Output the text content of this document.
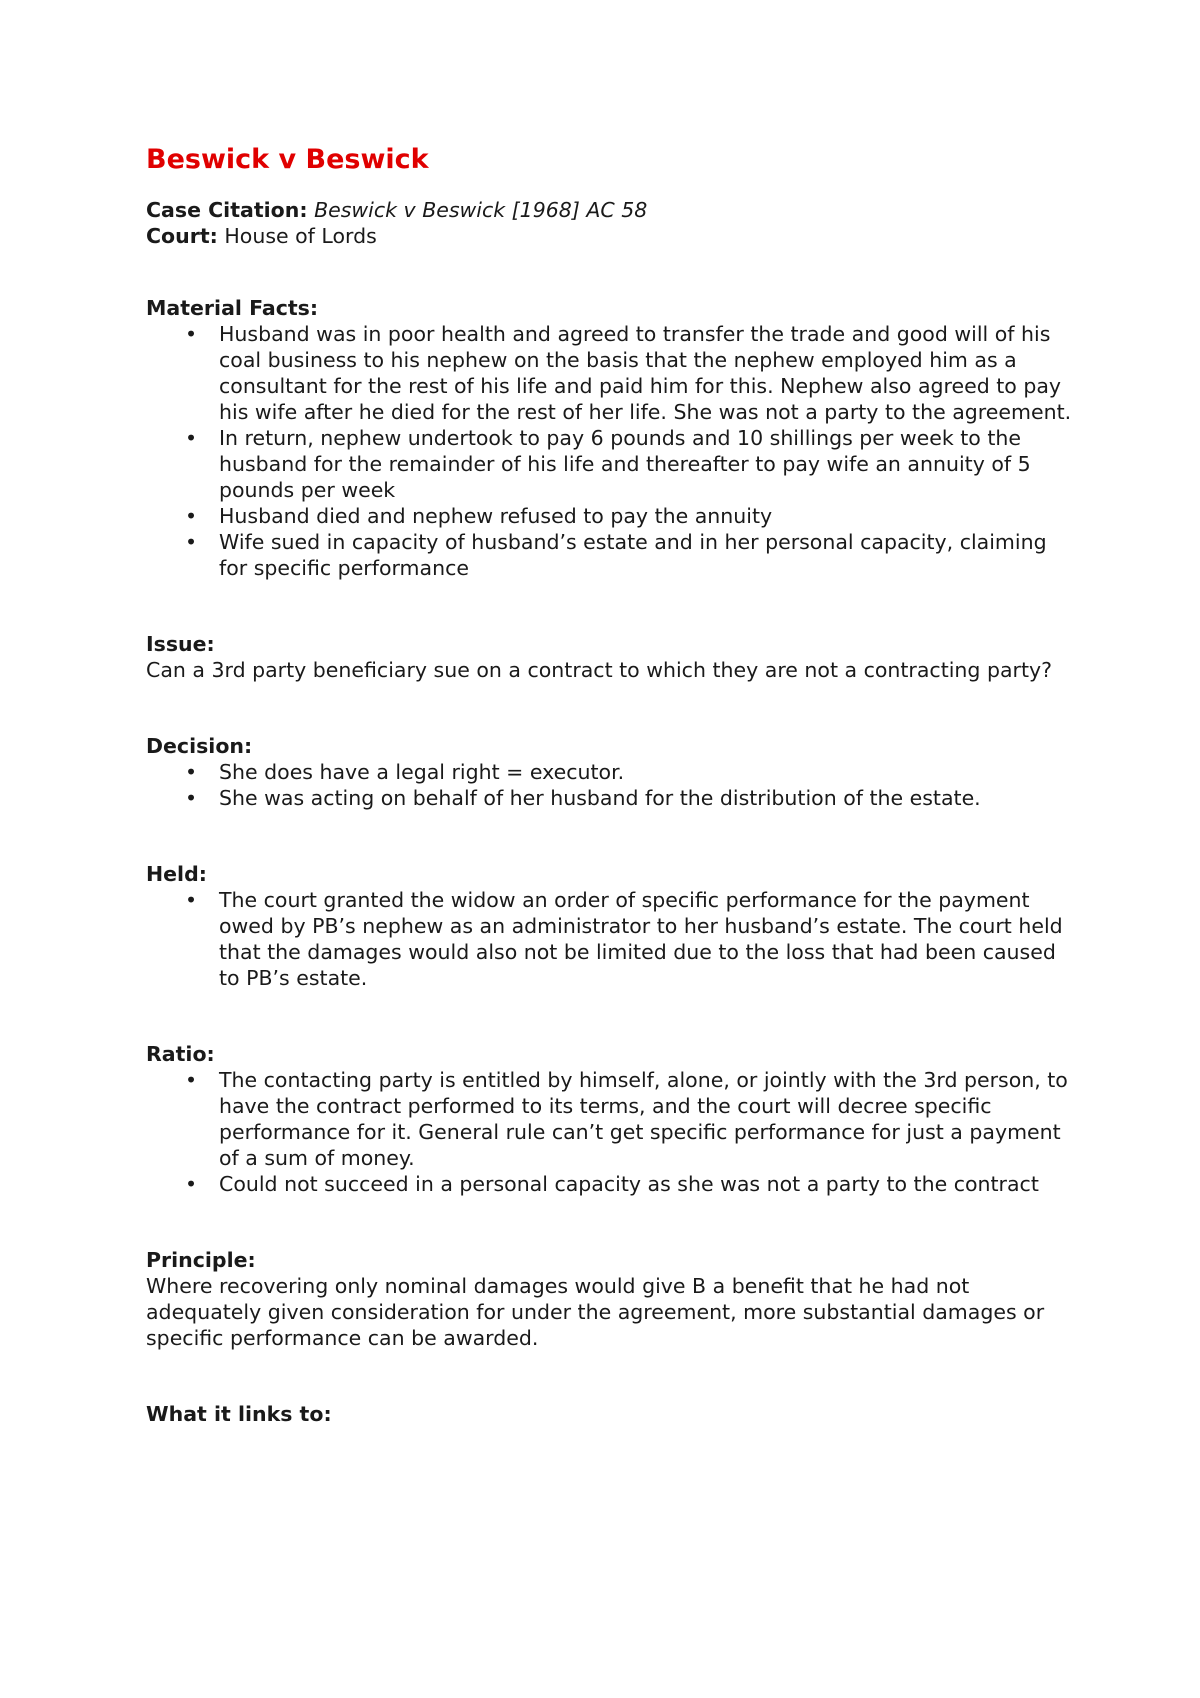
Beswick v Beswick

Case Citation: Beswick v Beswick [1968] AC 58

Court: House of Lords

Material Facts:

• Husband was in poor health and agreed to transfer the trade and good will of his coal business to his nephew on the basis that the nephew employed him as a consultant for the rest of his life and paid him for this. Nephew also agreed to pay his wife after he died for the rest of her life. She was not a party to the agreement.
• In return, nephew undertook to pay 6 pounds and 10 shillings per week to the husband for the remainder of his life and thereafter to pay wife an annuity of 5 pounds per week
• Husband died and nephew refused to pay the annuity
• Wife sued in capacity of husband’s estate and in her personal capacity, claiming for specific performance

Issue:

Can a 3rd party beneficiary sue on a contract to which they are not a contracting party?

Decision:

• She does have a legal right = executor.
• She was acting on behalf of her husband for the distribution of the estate.

Held:

• The court granted the widow an order of specific performance for the payment owed by PB’s nephew as an administrator to her husband’s estate. The court held that the damages would also not be limited due to the loss that had been caused to PB’s estate.

Ratio:

• The contacting party is entitled by himself, alone, or jointly with the 3rd person, to have the contract performed to its terms, and the court will decree specific performance for it. General rule can’t get specific performance for just a payment of a sum of money.
• Could not succeed in a personal capacity as she was not a party to the contract

Principle:

Where recovering only nominal damages would give B a benefit that he had not adequately given consideration for under the agreement, more substantial damages or specific performance can be awarded.

What it links to:
